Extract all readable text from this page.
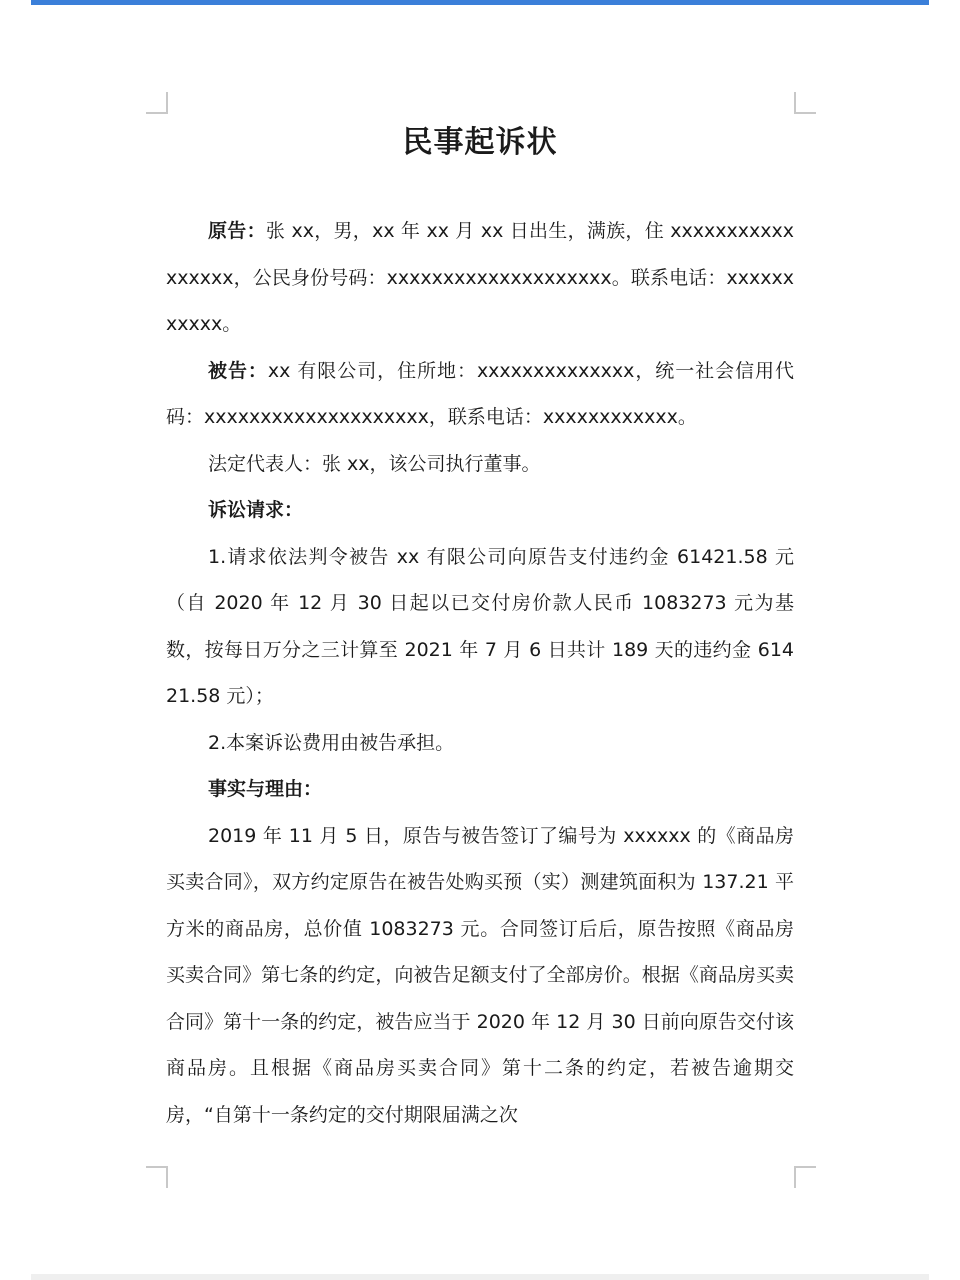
民事起诉状

原告：张 xx，男，xx 年 xx 月 xx 日出生，满族，住 xxxxxxxxxxxxxxxxx，公民身份号码：xxxxxxxxxxxxxxxxxxxx。联系电话：xxxxxxxxxxx。

被告：xx 有限公司，住所地：xxxxxxxxxxxxxx，统一社会信用代码：xxxxxxxxxxxxxxxxxxxx，联系电话：xxxxxxxxxxxx。

法定代表人：张 xx，该公司执行董事。

诉讼请求：

1.请求依法判令被告 xx 有限公司向原告支付违约金 61421.58 元（自 2020 年 12 月 30 日起以已交付房价款人民币 1083273 元为基数，按每日万分之三计算至 2021 年 7 月 6 日共计 189 天的违约金 61421.58 元）；

2.本案诉讼费用由被告承担。

事实与理由：

2019 年 11 月 5 日，原告与被告签订了编号为 xxxxxx 的《商品房买卖合同》，双方约定原告在被告处购买预（实）测建筑面积为 137.21 平方米的商品房，总价值 1083273 元。合同签订后后，原告按照《商品房买卖合同》第七条的约定，向被告足额支付了全部房价。根据《商品房买卖合同》第十一条的约定，被告应当于 2020 年 12 月 30 日前向原告交付该商品房。且根据《商品房买卖合同》第十二条的约定，若被告逾期交房，“自第十一条约定的交付期限届满之次
